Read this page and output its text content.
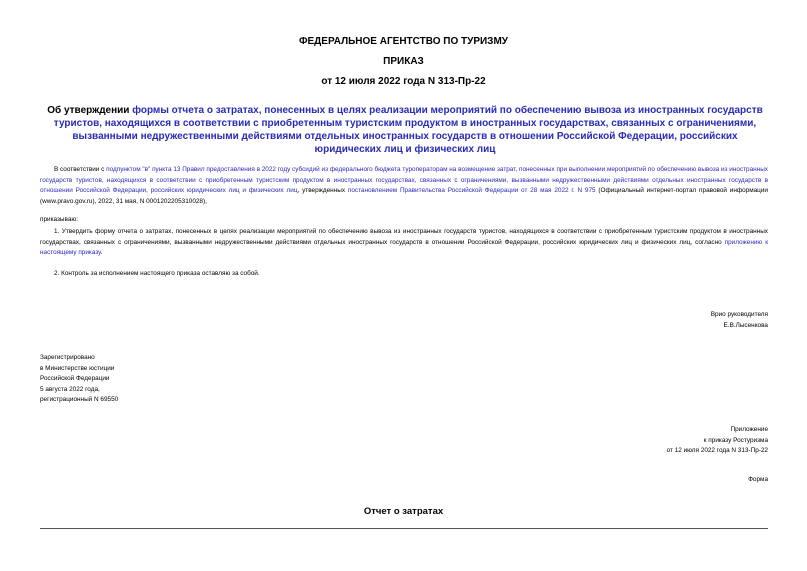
ФЕДЕРАЛЬНОЕ АГЕНТСТВО ПО ТУРИЗМУ
ПРИКАЗ
от 12 июля 2022 года N 313-Пр-22
Об утверждении формы отчета о затратах, понесенных в целях реализации мероприятий по обеспечению вывоза из иностранных государств туристов, находящихся в соответствии с приобретенным туристским продуктом в иностранных государствах, связанных с ограничениями, вызванными недружественными действиями отдельных иностранных государств в отношении Российской Федерации, российских юридических лиц и физических лиц
В соответствии с подпунктом "в" пункта 13 Правил предоставления в 2022 году субсидий из федерального бюджета туроператорам на возмещение затрат, понесенных при выполнении мероприятий по обеспечению вывоза из иностранных государств туристов, находящихся в соответствии с приобретенным туристским продуктом в иностранных государствах, связанных с ограничениями, вызванными недружественными действиями отдельных иностранных государств в отношении Российской Федерации, российских юридических лиц и физических лиц, утвержденных постановлением Правительства Российской Федерации от 28 мая 2022 г. N 975 (Официальный интернет-портал правовой информации (www.pravo.gov.ru), 2022, 31 мая, N 0001202205310028),
приказываю:
1. Утвердить форму отчета о затратах, понесенных в целях реализации мероприятий по обеспечению вывоза из иностранных государств туристов, находящихся в соответствии с приобретенным туристским продуктом в иностранных государствах, связанных с ограничениями, вызванными недружественными действиями отдельных иностранных государств в отношении Российской Федерации, российских юридических лиц и физических лиц, согласно приложению к настоящему приказу.
2. Контроль за исполнением настоящего приказа оставляю за собой.
Врио руководителя
Е.В.Лысенкова
Зарегистрировано
в Министерстве юстиции
Российской Федерации
5 августа 2022 года,
регистрационный N 69550
Приложение
к приказу Ростуризма
от 12 июля 2022 года N 313-Пр-22
Форма
Отчет о затратах
